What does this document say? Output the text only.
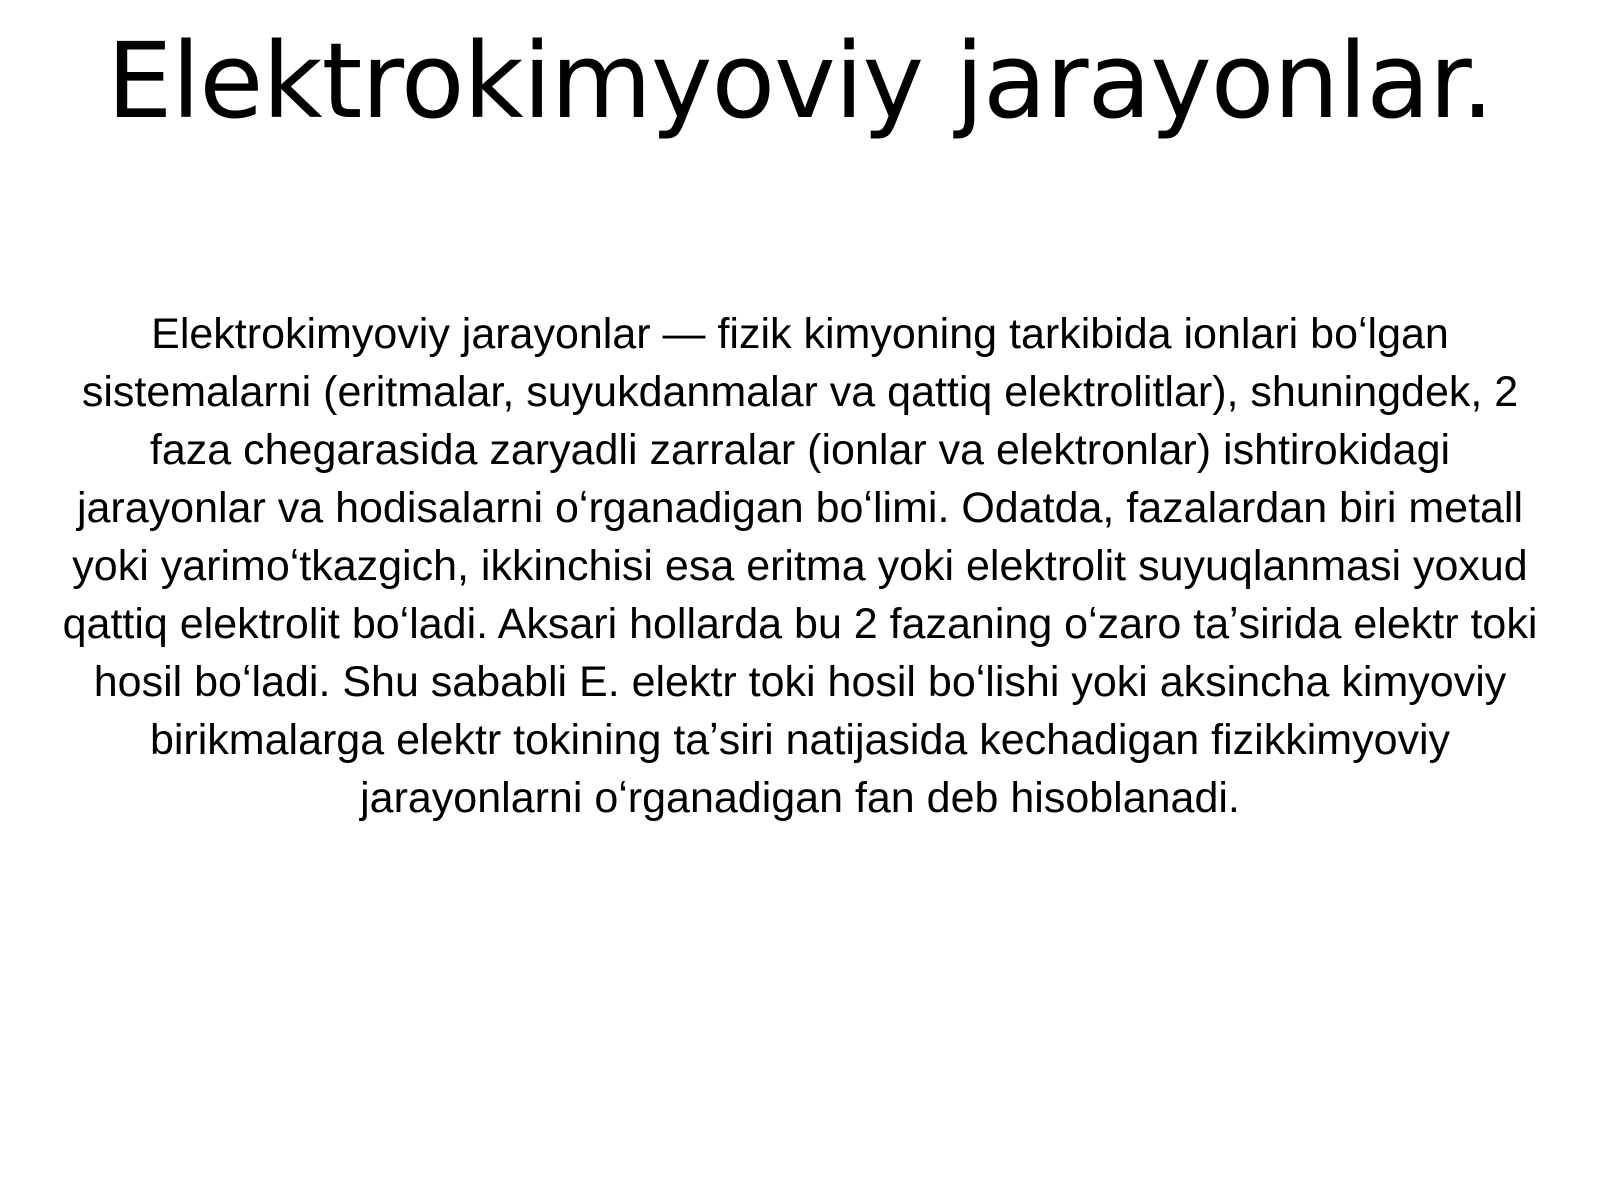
Elektrokimyoviy jarayonlar.

Elektrokimyoviy jarayonlar — fizik kimyoning tarkibida ionlari boʻlgan sistemalarni (eritmalar, suyukdanmalar va qattiq elektrolitlar), shuningdek, 2 faza chegarasida zaryadli zarralar (ionlar va elektronlar) ishtirokidagi jarayonlar va hodisalarni oʻrganadigan boʻlimi. Odatda, fazalardan biri metall yoki yarimoʻtkazgich, ikkinchisi esa eritma yoki elektrolit suyuqlanmasi yoxud qattiq elektrolit boʻladi. Aksari hollarda bu 2 fazaning oʻzaro taʼsirida elektr toki hosil boʻladi. Shu sababli E. elektr toki hosil boʻlishi yoki aksincha kimyoviy birikmalarga elektr tokining taʼsiri natijasida kechadigan fizikkimyoviy jarayonlarni oʻrganadigan fan deb hisoblanadi.
